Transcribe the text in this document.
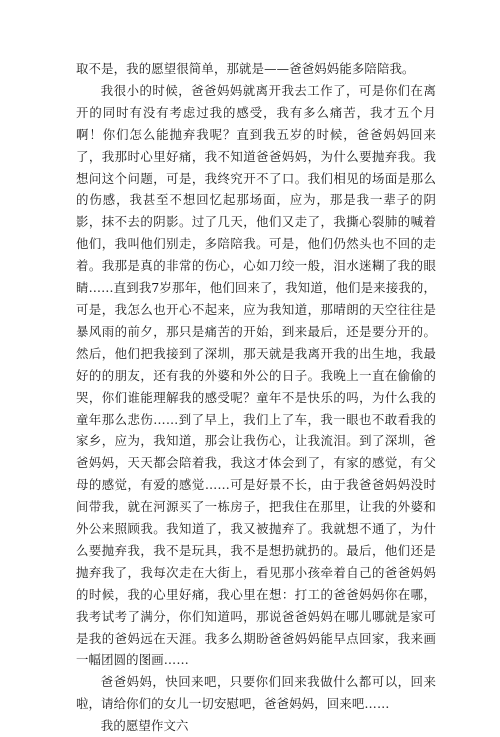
取不是，我的愿望很简单，那就是——爸爸妈妈能多陪陪我。

我很小的时候，爸爸妈妈就离开我去工作了，可是你们在离开的同时有没有考虑过我的感受，我有多么痛苦，我才五个月啊！你们怎么能抛弃我呢？直到我五岁的时候，爸爸妈妈回来了，我那时心里好痛，我不知道爸爸妈妈，为什么要抛弃我。我想问这个问题，可是，我终究开不了口。我们相见的场面是那么的伤感，我甚至不想回忆起那场面，应为，那是我一辈子的阴影，抹不去的阴影。过了几天，他们又走了，我撕心裂肺的喊着他们，我叫他们别走，多陪陪我。可是，他们仍然头也不回的走着。我那是真的非常的伤心，心如刀绞一般，泪水迷糊了我的眼睛……直到我7岁那年，他们回来了，我知道，他们是来接我的，可是，我怎么也开心不起来，应为我知道，那晴朗的天空往往是暴风雨的前夕，那只是痛苦的开始，到来最后，还是要分开的。然后，他们把我接到了深圳，那天就是我离开我的出生地，我最好的的朋友，还有我的外婆和外公的日子。我晚上一直在偷偷的哭，你们谁能理解我的感受呢？童年不是快乐的吗，为什么我的童年那么悲伤……到了早上，我们上了车，我一眼也不敢看我的家乡，应为，我知道，那会让我伤心，让我流泪。到了深圳，爸爸妈妈，天天都会陪着我，我这才体会到了，有家的感觉，有父母的感觉，有爱的感觉……可是好景不长，由于我爸爸妈妈没时间带我，就在河源买了一栋房子，把我住在那里，让我的外婆和外公来照顾我。我知道了，我又被抛弃了。我就想不通了，为什么要抛弃我，我不是玩具，我不是想扔就扔的。最后，他们还是抛弃我了，我每次走在大街上，看见那小孩牵着自己的爸爸妈妈的时候，我的心里好痛，我心里在想：打工的爸爸妈妈你在哪，我考试考了满分，你们知道吗，那说爸爸妈妈在哪儿哪就是家可是我的爸妈远在天涯。我多么期盼爸爸妈妈能早点回家，我来画一幅团圆的图画……

爸爸妈妈，快回来吧，只要你们回来我做什么都可以，回来啦，请给你们的女儿一切安慰吧，爸爸妈妈，回来吧……

我的愿望作文六
